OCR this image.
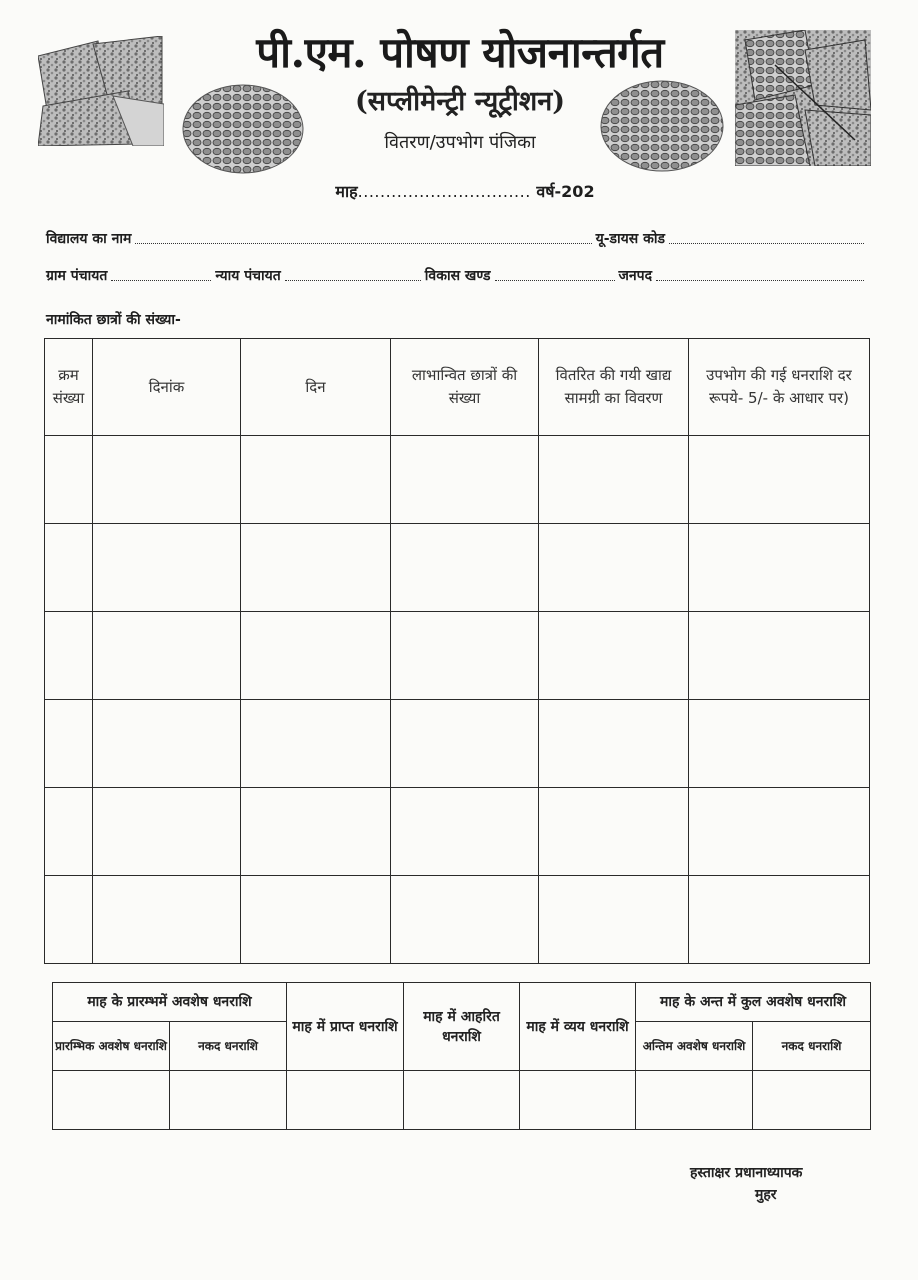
पी.एम. पोषण योजनान्तर्गत
(सप्लीमेन्ट्री न्यूट्रीशन)
वितरण/उपभोग पंजिका
माह............................... वर्ष-202
विद्यालय का नाम	यू-डायस कोड
ग्राम पंचायत	न्याय पंचायत	विकास खण्ड	जनपद
नामांकित छात्रों की संख्या-
क्रम संख्या	दिनांक	दिन	लाभान्वित छात्रों की संख्या	वितरित की गयी खाद्य सामग्री का विवरण	उपभोग की गई धनराशि दर रूपये- 5/- के आधार पर)

माह के प्रारम्भमें अवशेष धनराशि		माह में प्राप्त धनराशि	माह में आहरित धनराशि	माह में व्यय धनराशि	माह के अन्त में कुल अवशेष धनराशि	
प्रारम्भिक अवशेष धनराशि	नकद धनराशि				अन्तिम अवशेष धनराशि	नकद धनराशि

हस्ताक्षर प्रधानाध्यापक
मुहर
